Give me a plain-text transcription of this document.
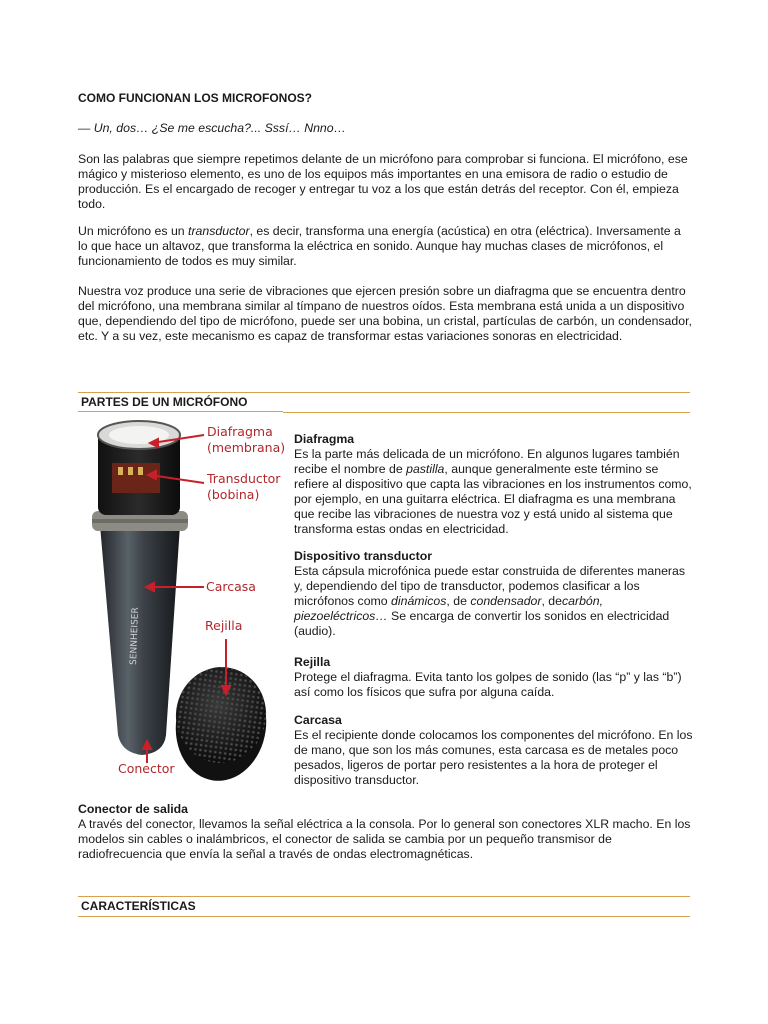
COMO FUNCIONAN LOS MICROFONOS?

— Un, dos… ¿Se me escucha?... Sssí… Nnno…

Son las palabras que siempre repetimos delante de un micrófono para comprobar si funciona. El micrófono, ese mágico y misterioso elemento, es uno de los equipos más importantes en una emisora de radio o estudio de producción. Es el encargado de recoger y entregar tu voz a los que están detrás del receptor. Con él, empieza todo.

Un micrófono es un transductor, es decir, transforma una energía (acústica) en otra (eléctrica). Inversamente a lo que hace un altavoz, que transforma la eléctrica en sonido. Aunque hay muchas clases de micrófonos, el funcionamiento de todos es muy similar.

Nuestra voz produce una serie de vibraciones que ejercen presión sobre un diafragma que se encuentra dentro del micrófono, una membrana similar al tímpano de nuestros oídos. Esta membrana está unida a un dispositivo que, dependiendo del tipo de micrófono, puede ser una bobina, un cristal, partículas de carbón, un condensador, etc. Y a su vez, este mecanismo es capaz de transformar estas variaciones sonoras en electricidad.

PARTES DE UN MICRÓFONO
SENNHEISER
Diafragma
(membrana)
Transductor
(bobina)
Carcasa
Rejilla
Conector

Diafragma
Es la parte más delicada de un micrófono. En algunos lugares también recibe el nombre de pastilla, aunque generalmente este término se refiere al dispositivo que capta las vibraciones en los instrumentos como, por ejemplo, en una guitarra eléctrica. El diafragma es una membrana que recibe las vibraciones de nuestra voz y está unido al sistema que transforma estas ondas en electricidad.

Dispositivo transductor
Esta cápsula microfónica puede estar construida de diferentes maneras y, dependiendo del tipo de transductor, podemos clasificar a los micrófonos como dinámicos, de condensador, decarbón, piezoeléctricos… Se encarga de convertir los sonidos en electricidad (audio).

Rejilla
Protege el diafragma. Evita tanto los golpes de sonido (las “p” y las “b”) así como los físicos que sufra por alguna caída.

Carcasa
Es el recipiente donde colocamos los componentes del micrófono. En los de mano, que son los más comunes, esta carcasa es de metales poco pesados, ligeros de portar pero resistentes a la hora de proteger el dispositivo transductor.

Conector de salida
A través del conector, llevamos la señal eléctrica a la consola. Por lo general son conectores XLR macho. En los modelos sin cables o inalámbricos, el conector de salida se cambia por un pequeño transmisor de radiofrecuencia que envía la señal a través de ondas electromagnéticas.

CARACTERÍSTICAS
